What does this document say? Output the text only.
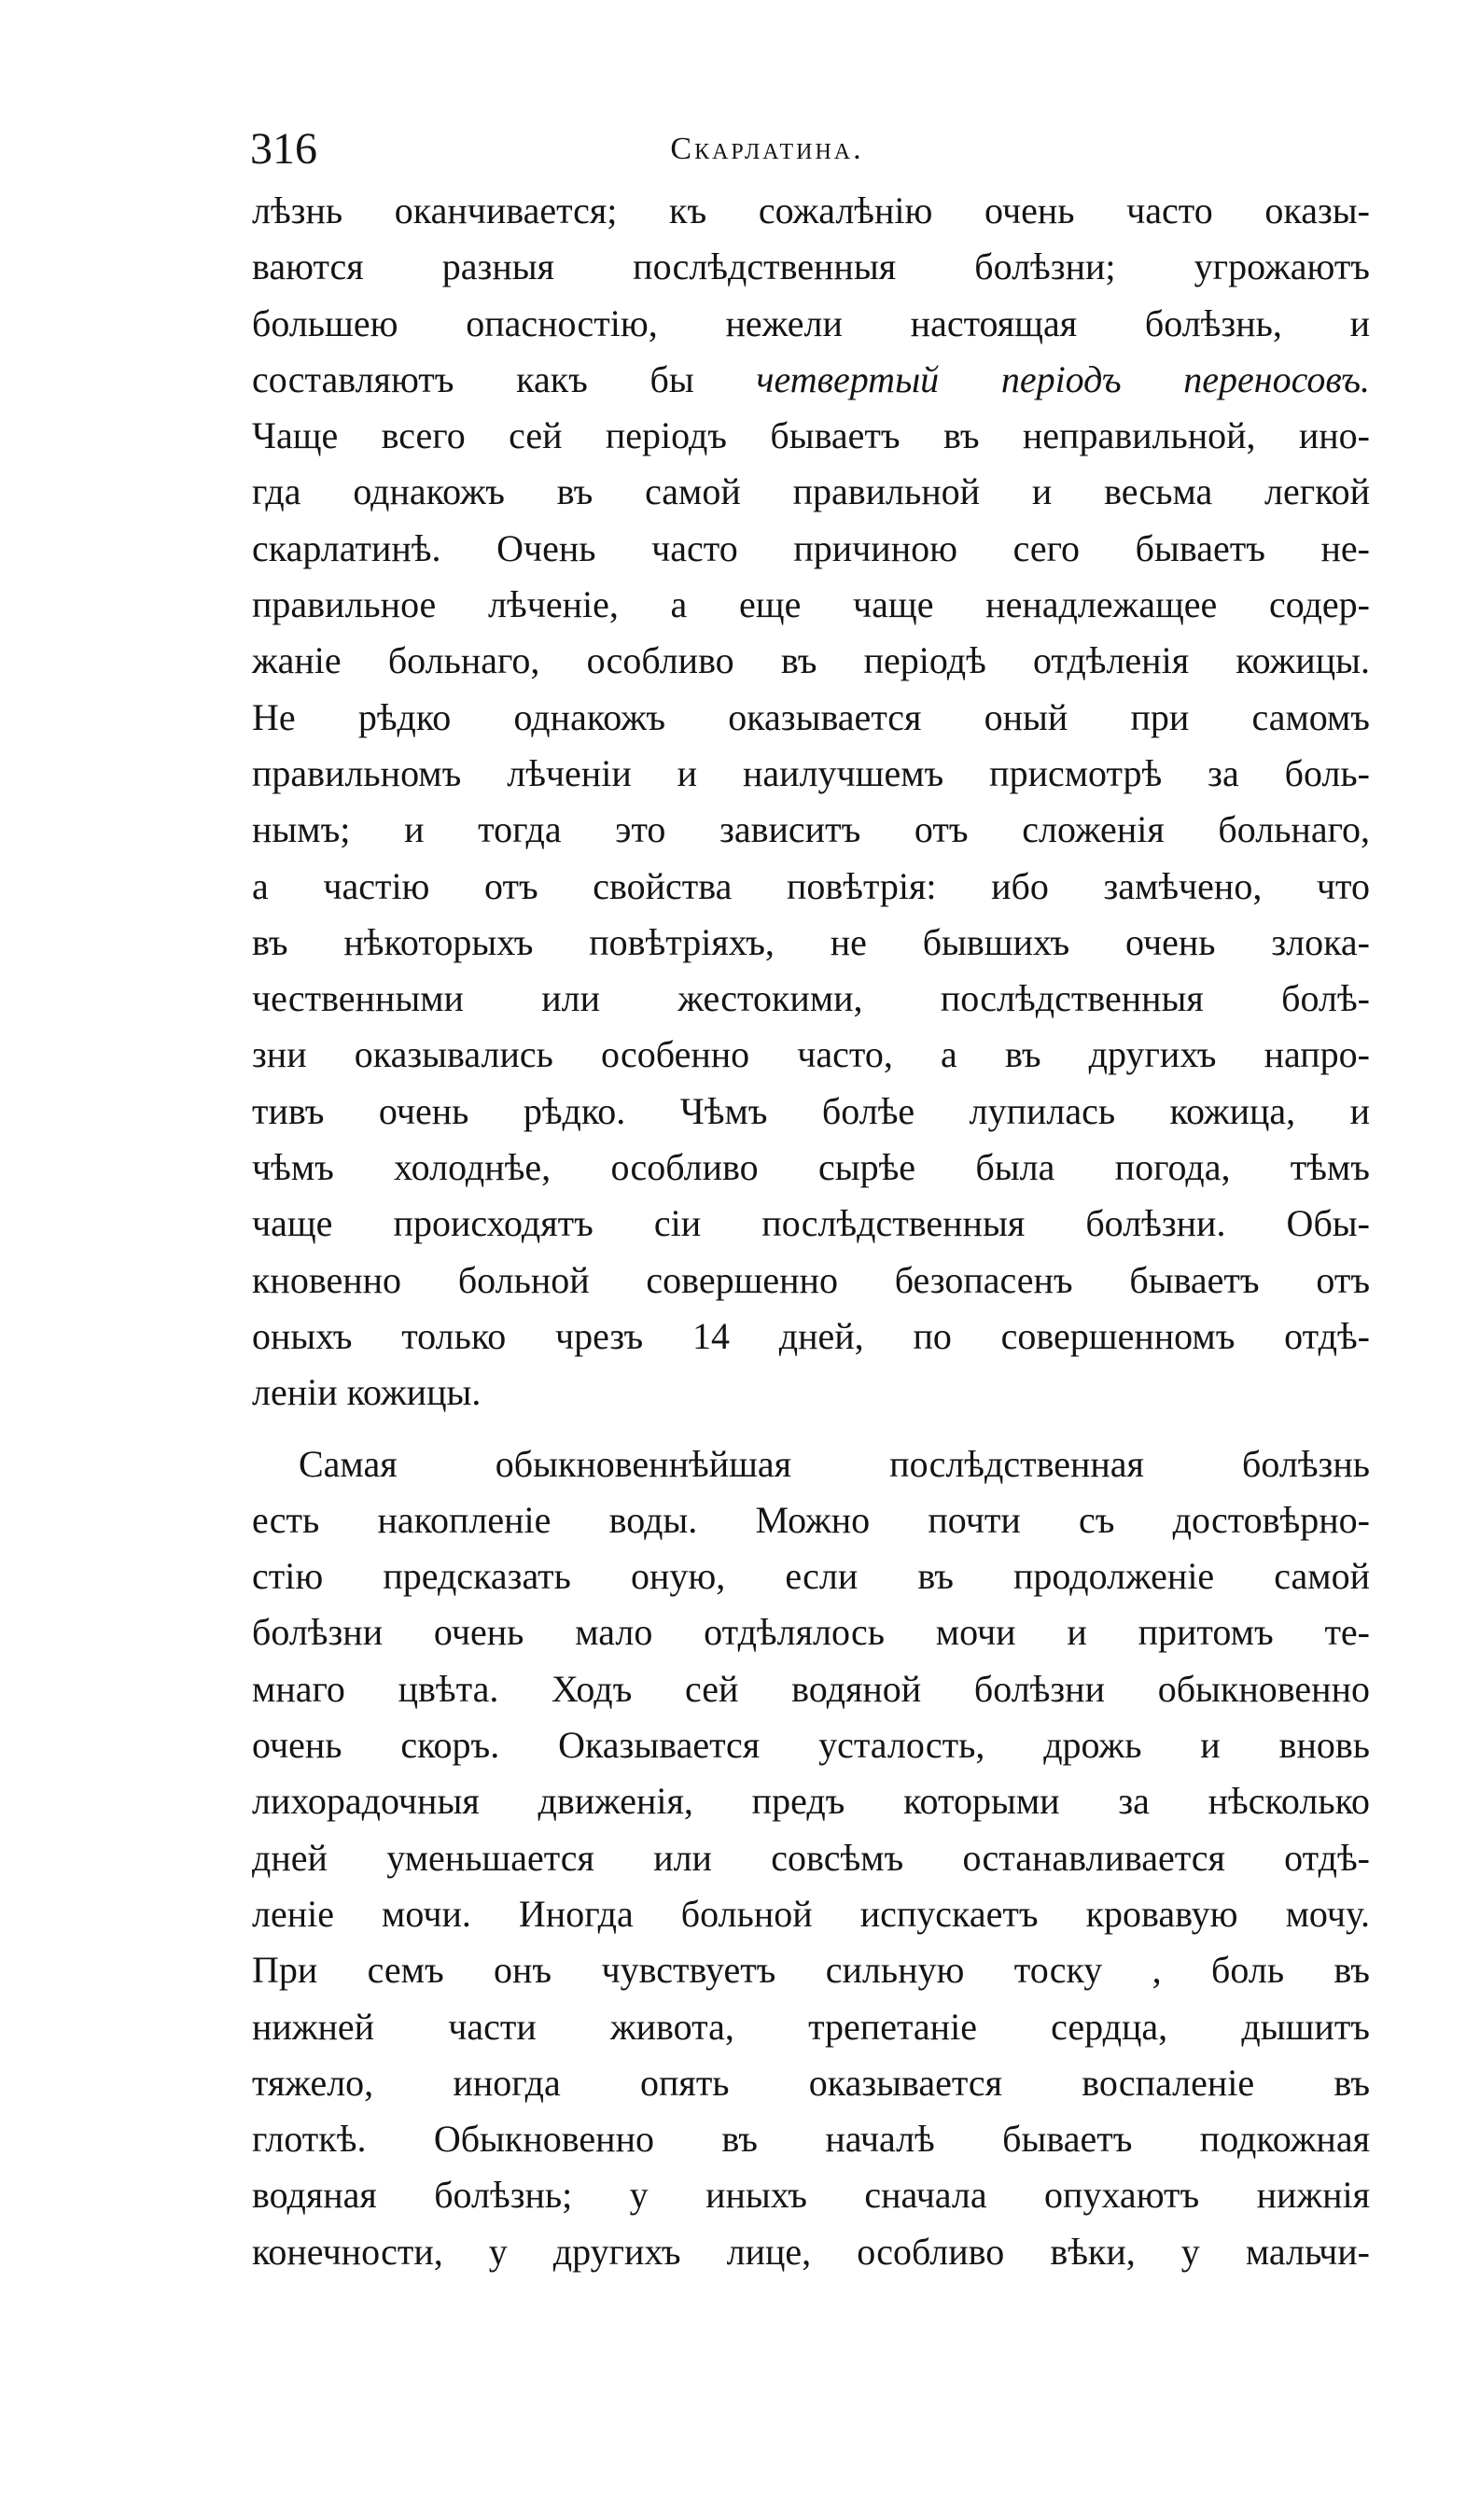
316	Скарлатина.
лѣзнь оканчивается; къ сожалѣнію очень часто оказы-
ваются разныя послѣдственныя болѣзни; угрожаютъ
большею опасностію, нежели настоящая болѣзнь, и
составляютъ какъ бы четвертый періодъ переносовъ.
Чаще всего сей періодъ бываетъ въ неправильной, ино-
гда однакожъ въ самой правильной и весьма легкой
скарлатинѣ. Очень часто причиною сего бываетъ не-
правильное лѣченіе, а еще чаще ненадлежащее содер-
жаніе больнаго, особливо въ періодѣ отдѣленія кожицы.
Не рѣдко однакожъ оказывается оный при самомъ
правильномъ лѣченіи и наилучшемъ присмотрѣ за боль-
нымъ; и тогда это зависитъ отъ сложенія больнаго,
а частію отъ свойства повѣтрія: ибо замѣчено, что
въ нѣкоторыхъ повѣтріяхъ, не бывшихъ очень злока-
чественными или жестокими, послѣдственныя болѣ-
зни оказывались особенно часто, а въ другихъ напро-
тивъ очень рѣдко. Чѣмъ болѣе лупилась кожица, и
чѣмъ холоднѣе, особливо сырѣе была погода, тѣмъ
чаще происходятъ сіи послѣдственныя болѣзни. Обы-
кновенно больной совершенно безопасенъ бываетъ отъ
оныхъ только чрезъ 14 дней, по совершенномъ отдѣ-
леніи кожицы.
Самая обыкновеннѣйшая послѣдственная болѣзнь
есть накопленіе воды. Можно почти съ достовѣрно-
стію предсказать оную, если въ продолженіе самой
болѣзни очень мало отдѣлялось мочи и притомъ те-
мнаго цвѣта. Ходъ сей водяной болѣзни обыкновенно
очень скоръ. Оказывается усталость, дрожь и вновь
лихорадочныя движенія, предъ которыми за нѣсколько
дней уменьшается или совсѣмъ останавливается отдѣ-
леніе мочи. Иногда больной испускаетъ кровавую мочу.
При семъ онъ чувствуетъ сильную тоску , боль въ
нижней части живота, трепетаніе сердца, дышитъ
тяжело, иногда опять оказывается воспаленіе въ
глоткѣ. Обыкновенно въ началѣ бываетъ подкожная
водяная болѣзнь; у иныхъ сначала опухаютъ нижнія
конечности, у другихъ лице, особливо вѣки, у мальчи-
